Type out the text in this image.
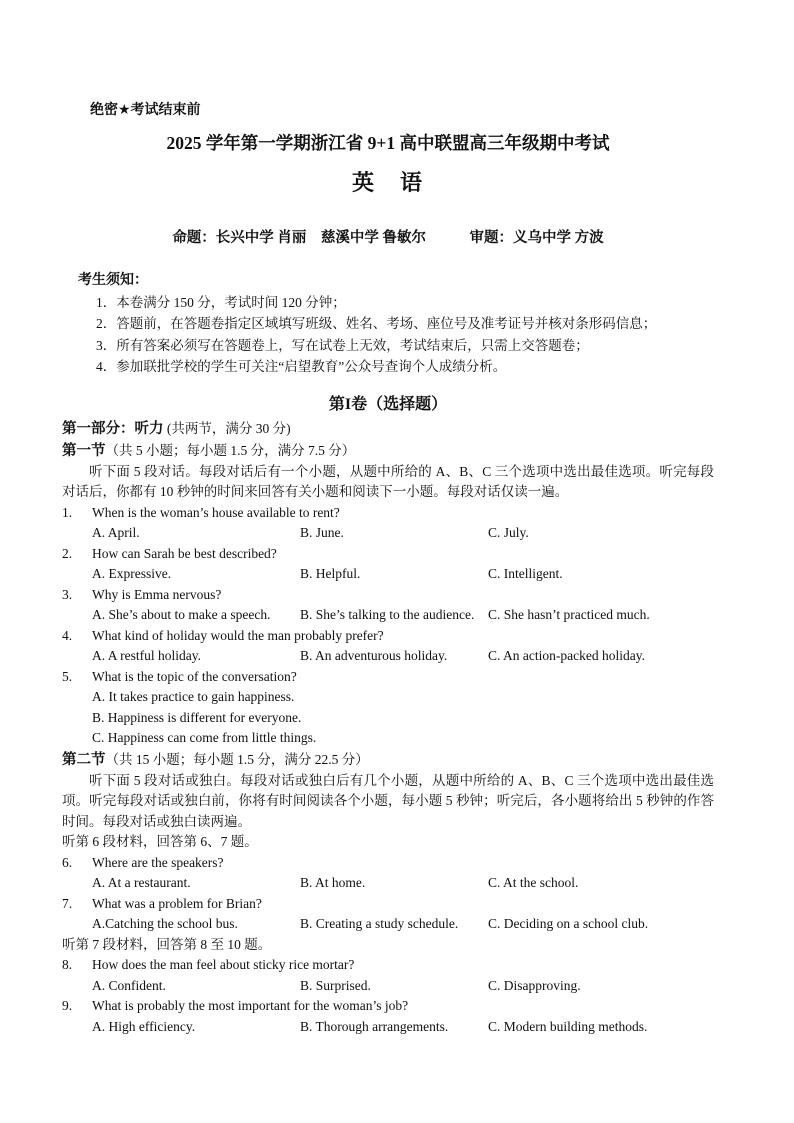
绝密★考试结束前
2025 学年第一学期浙江省 9+1 高中联盟高三年级期中考试
英　语
命题：长兴中学 肖丽　慈溪中学 鲁敏尔　　　审题：义乌中学 方波
考生须知：
1．本卷满分 150 分，考试时间 120 分钟；
2．答题前，在答题卷指定区域填写班级、姓名、考场、座位号及准考证号并核对条形码信息；
3．所有答案必须写在答题卷上，写在试卷上无效，考试结束后，只需上交答题卷；
4．参加联批学校的学生可关注“启望教育”公众号查询个人成绩分析。
第I卷（选择题）
第一部分：听力 (共两节，满分 30 分)
第一节（共 5 小题；每小题 1.5 分，满分 7.5 分）

听下面 5 段对话。每段对话后有一个小题，从题中所给的 A、B、C 三个选项中选出最佳选项。听完每段对话后，你都有 10 秒钟的时间来回答有关小题和阅读下一小题。每段对话仅读一遍。

1. When is the woman’s house available to rent?
A. April.	B. June.	C. July.
2. How can Sarah be best described?
A. Expressive.	B. Helpful.	C. Intelligent.
3. Why is Emma nervous?
A. She’s about to make a speech.	B. She’s talking to the audience.	C. She hasn’t practiced much.
4. What kind of holiday would the man probably prefer?
A. A restful holiday.	B. An adventurous holiday.	C. An action-packed holiday.
5. What is the topic of the conversation?
A. It takes practice to gain happiness.
B. Happiness is different for everyone.
C. Happiness can come from little things.
第二节（共 15 小题；每小题 1.5 分，满分 22.5 分）

听下面 5 段对话或独白。每段对话或独白后有几个小题，从题中所给的 A、B、C 三个选项中选出最佳选项。听完每段对话或独白前，你将有时间阅读各个小题，每小题 5 秒钟；听完后，各小题将给出 5 秒钟的作答时间。每段对话或独白读两遍。

听第 6 段材料，回答第 6、7 题。
6. Where are the speakers?
A. At a restaurant.	B. At home.	C. At the school.
7. What was a problem for Brian?
A.Catching the school bus.	B. Creating a study schedule.	C. Deciding on a school club.
听第 7 段材料，回答第 8 至 10 题。
8. How does the man feel about sticky rice mortar?
A. Confident.	B. Surprised.	C. Disapproving.
9. What is probably the most important for the woman’s job?
A. High efficiency.	B. Thorough arrangements.	C. Modern building methods.
